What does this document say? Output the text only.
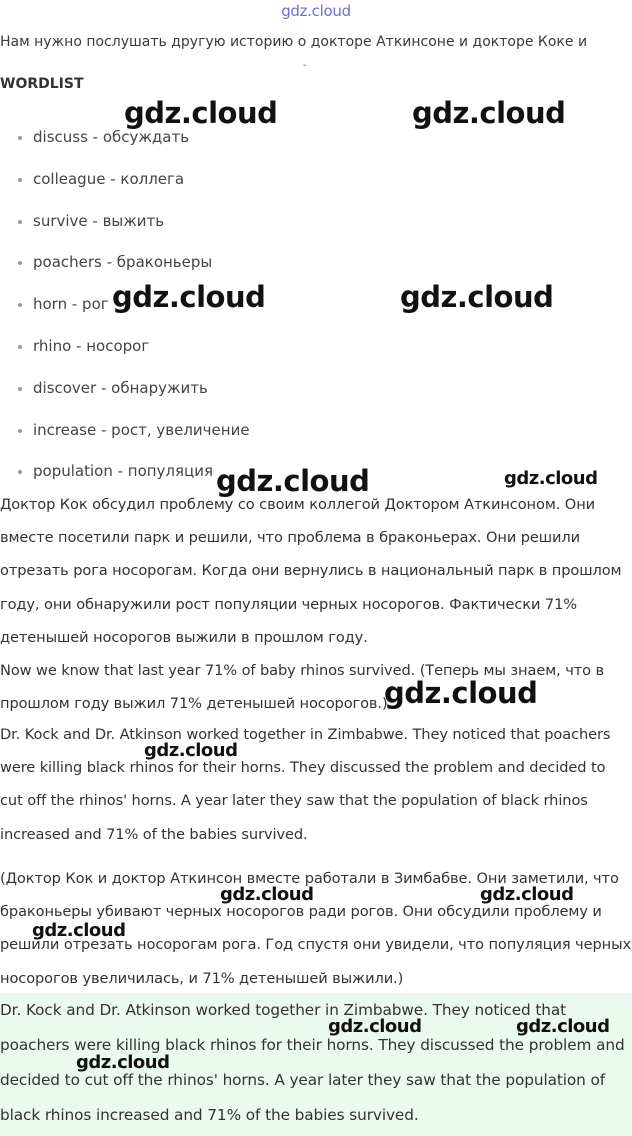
gdz.cloud
Нам нужно послушать другую историю о докторе Аткинсоне и докторе Коке и
-
WORDLIST
discuss - обсуждать
colleague - коллега
survive - выжить
poachers - браконьеры
horn - рог
rhino - носорог
discover - обнаружить
increase - рост, увеличение
population - популяция

Доктор Кок обсудил проблему со своим коллегой Доктором Аткинсоном. Они вместе посетили парк и решили, что проблема в браконьерах. Они решили отрезать рога носорогам. Когда они вернулись в национальный парк в прошлом году, они обнаружили рост популяции черных носорогов. Фактически 71% детенышей носорогов выжили в прошлом году.

Now we know that last year 71% of baby rhinos survived. (Теперь мы знаем, что в прошлом году выжил 71% детенышей носорогов.)

Dr. Kock and Dr. Atkinson worked together in Zimbabwe. They noticed that poachers were killing black rhinos for their horns. They discussed the problem and decided to cut off the rhinos' horns. A year later they saw that the population of black rhinos increased and 71% of the babies survived.

(Доктор Кок и доктор Аткинсон вместе работали в Зимбабве. Они заметили, что браконьеры убивают черных носорогов ради рогов. Они обсудили проблему и решили отрезать носорогам рога. Год спустя они увидели, что популяция черных носорогов увеличилась, и 71% детенышей выжили.)

Dr. Kock and Dr. Atkinson worked together in Zimbabwe. They noticed that poachers were killing black rhinos for their horns. They discussed the problem and decided to cut off the rhinos' horns. A year later they saw that the population of black rhinos increased and 71% of the babies survived.

gdz.cloud	gdz.cloud
gdz.cloud	gdz.cloud
gdz.cloud	gdz.cloud
gdz.cloud
gdz.cloud
gdz.cloud	gdz.cloud
gdz.cloud
gdz.cloud	gdz.cloud
gdz.cloud
